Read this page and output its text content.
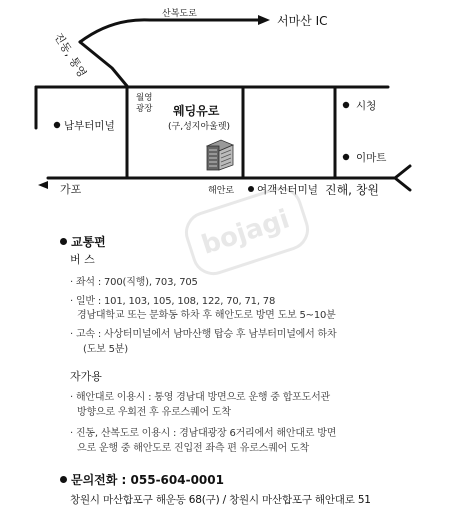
bojagi
산복도로	서마산 IC
진동, 통영
월영
광장 웨딩유로
(구,성지아울렛)
남부터미널
시청
이마트
가포	해안로 여객선터미널 진해, 창원
교통편
버 스
· 좌석 : 700(직행), 703, 705
· 일반 : 101, 103, 105, 108, 122, 70, 71, 78
경남대학교 또는 문화동 하차 후 해안도로 방면 도보 5~10분
· 고속 : 사상터미널에서 남마산행 탑승 후 남부터미널에서 하차
(도보 5분)
자가용
· 해안대로 이용시 : 통영 경남대 방면으로 운행 중 합포도서관
방향으로 우회전 후 유로스퀘어 도착
· 진동, 산복도로 이용시 : 경남대광장 6거리에서 해안대로 방면
으로 운행 중 해안도로 진입전 좌측 편 유로스퀘어 도착
문의전화 : 055-604-0001
창원시 마산합포구 해운동 68(구) / 창원시 마산합포구 해안대로 51
